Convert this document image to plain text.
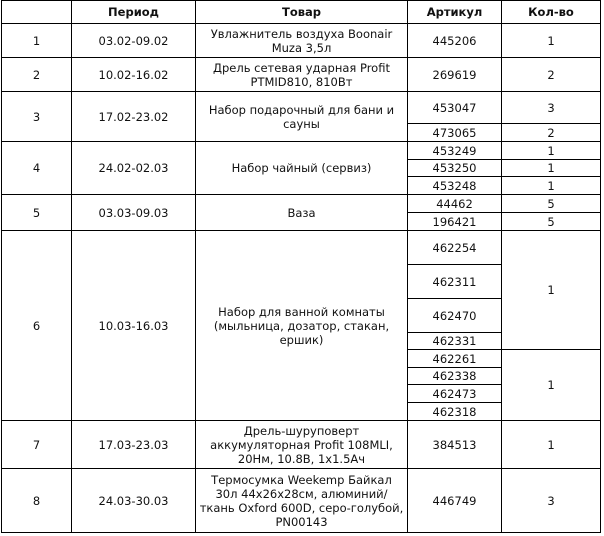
	Период	Товар	Артикул	Кол-во
1	03.02-09.02	Увлажнитель воздуха Boonair Muza 3,5л	445206	1
2	10.02-16.02	Дрель сетевая ударная Profit PTMID810, 810Вт	269619	2
3	17.02-23.02	Набор подарочный для бани и сауны	453047	3
			473065	2
4	24.02-02.03	Набор чайный (сервиз)	453249	1
			453250	1
			453248	1
5	03.03-09.03	Ваза	44462	5
			196421	5
6	10.03-16.03	Набор для ванной комнаты (мыльница, дозатор, стакан, ершик)	462254	1
			462311	
			462470	
			462331	
			462261	1
			462338	
			462473	
			462318	
7	17.03-23.03	Дрель-шуруповерт аккумуляторная Profit 108MLI, 20Нм, 10.8В, 1х1.5Ач	384513	1
8	24.03-30.03	Термосумка Weekemp Байкал 30л 44х26х28см, алюминий/ткань Oxford 600D, серо-голубой, PN00143	446749	3
